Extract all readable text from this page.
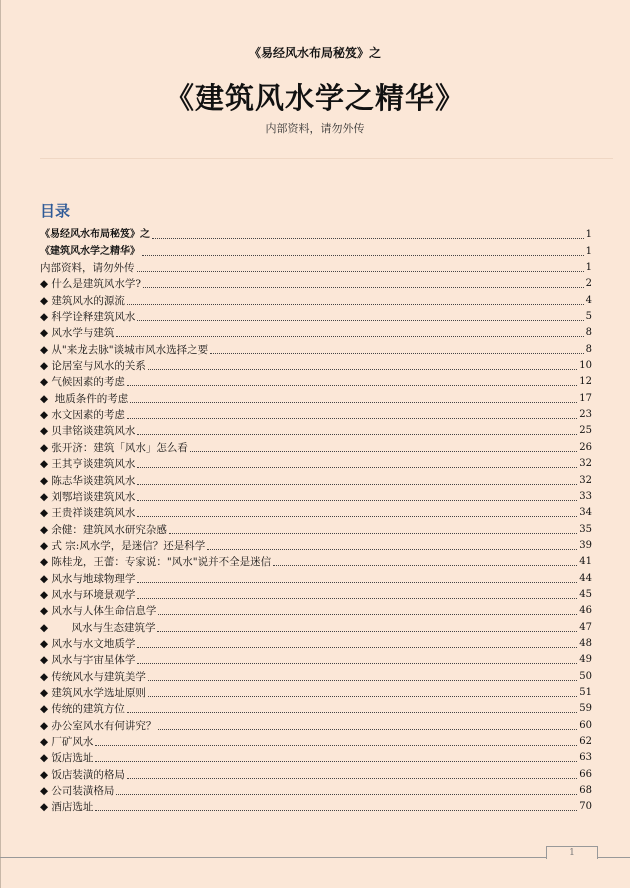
《易经风水布局秘笈》之
《建筑风水学之精华》
内部资料，请勿外传
目录
《易经风水布局秘笈》之	1
《建筑风水学之精华》	1
内部资料，请勿外传	1
◆ 什么是建筑风水学?	2
◆ 建筑风水的源流	4
◆ 科学诠释建筑风水	5
◆ 风水学与建筑	8
◆ 从"来龙去脉"谈城市风水选择之要	8
◆ 论居室与风水的关系	10
◆ 气候因素的考虑	12
◆  地质条件的考虑	17
◆ 水文因素的考虑	23
◆ 贝聿铭谈建筑风水	25
◆ 张开济：建筑「风水」怎么看	26
◆ 王其亨谈建筑风水	32
◆ 陈志华谈建筑风水	32
◆ 刘鄂培谈建筑风水	33
◆ 王贵祥谈建筑风水	34
◆ 余健：建筑风水研究杂感	35
◆ 式 宗:风水学，是迷信？还是科学	39
◆ 陈桂龙，王蕾：专家说："风水"说并不全是迷信	41
◆ 风水与地球物理学	44
◆ 风水与环境景观学	45
◆ 风水与人体生命信息学	46
◆       风水与生态建筑学	47
◆ 风水与水文地质学	48
◆ 风水与宇宙星体学	49
◆ 传统风水与建筑美学	50
◆ 建筑风水学选址原则	51
◆ 传统的建筑方位	59
◆ 办公室风水有何讲究？	60
◆ 厂矿风水	62
◆ 饭店选址	63
◆ 饭店装潢的格局	66
◆ 公司装潢格局	68
◆ 酒店选址	70
1
